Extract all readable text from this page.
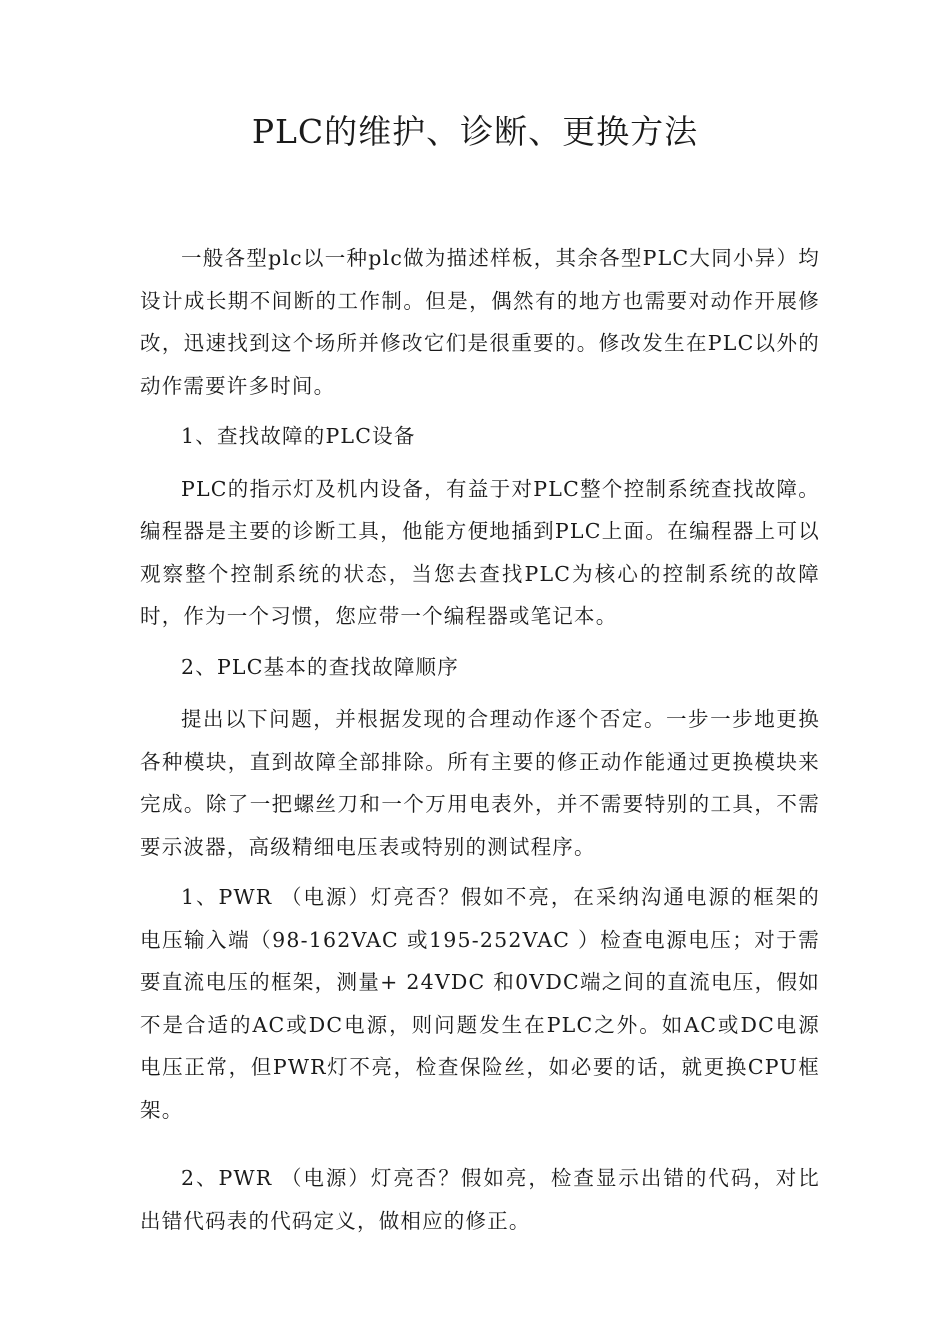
PLC的维护、诊断、更换方法

一般各型plc以一种plc做为描述样板，其余各型PLC大同小异）均设计成长期不间断的工作制。但是，偶然有的地方也需要对动作开展修改，迅速找到这个场所并修改它们是很重要的。修改发生在PLC以外的动作需要许多时间。

1、查找故障的PLC设备

PLC的指示灯及机内设备，有益于对PLC整个控制系统查找故障。编程器是主要的诊断工具，他能方便地插到PLC上面。在编程器上可以观察整个控制系统的状态，当您去查找PLC为核心的控制系统的故障时，作为一个习惯，您应带一个编程器或笔记本。

2、PLC基本的查找故障顺序

提出以下问题，并根据发现的合理动作逐个否定。一步一步地更换各种模块，直到故障全部排除。所有主要的修正动作能通过更换模块来完成。除了一把螺丝刀和一个万用电表外，并不需要特别的工具，不需要示波器，高级精细电压表或特别的测试程序。

1、PWR （电源）灯亮否？假如不亮，在采纳沟通电源的框架的电压输入端（98-162VAC 或195-252VAC ）检查电源电压；对于需要直流电压的框架，测量+ 24VDC 和0VDC端之间的直流电压，假如不是合适的AC或DC电源，则问题发生在PLC之外。如AC或DC电源电压正常，但PWR灯不亮，检查保险丝，如必要的话，就更换CPU框架。

2、PWR （电源）灯亮否？假如亮，检查显示出错的代码，对比出错代码表的代码定义，做相应的修正。
